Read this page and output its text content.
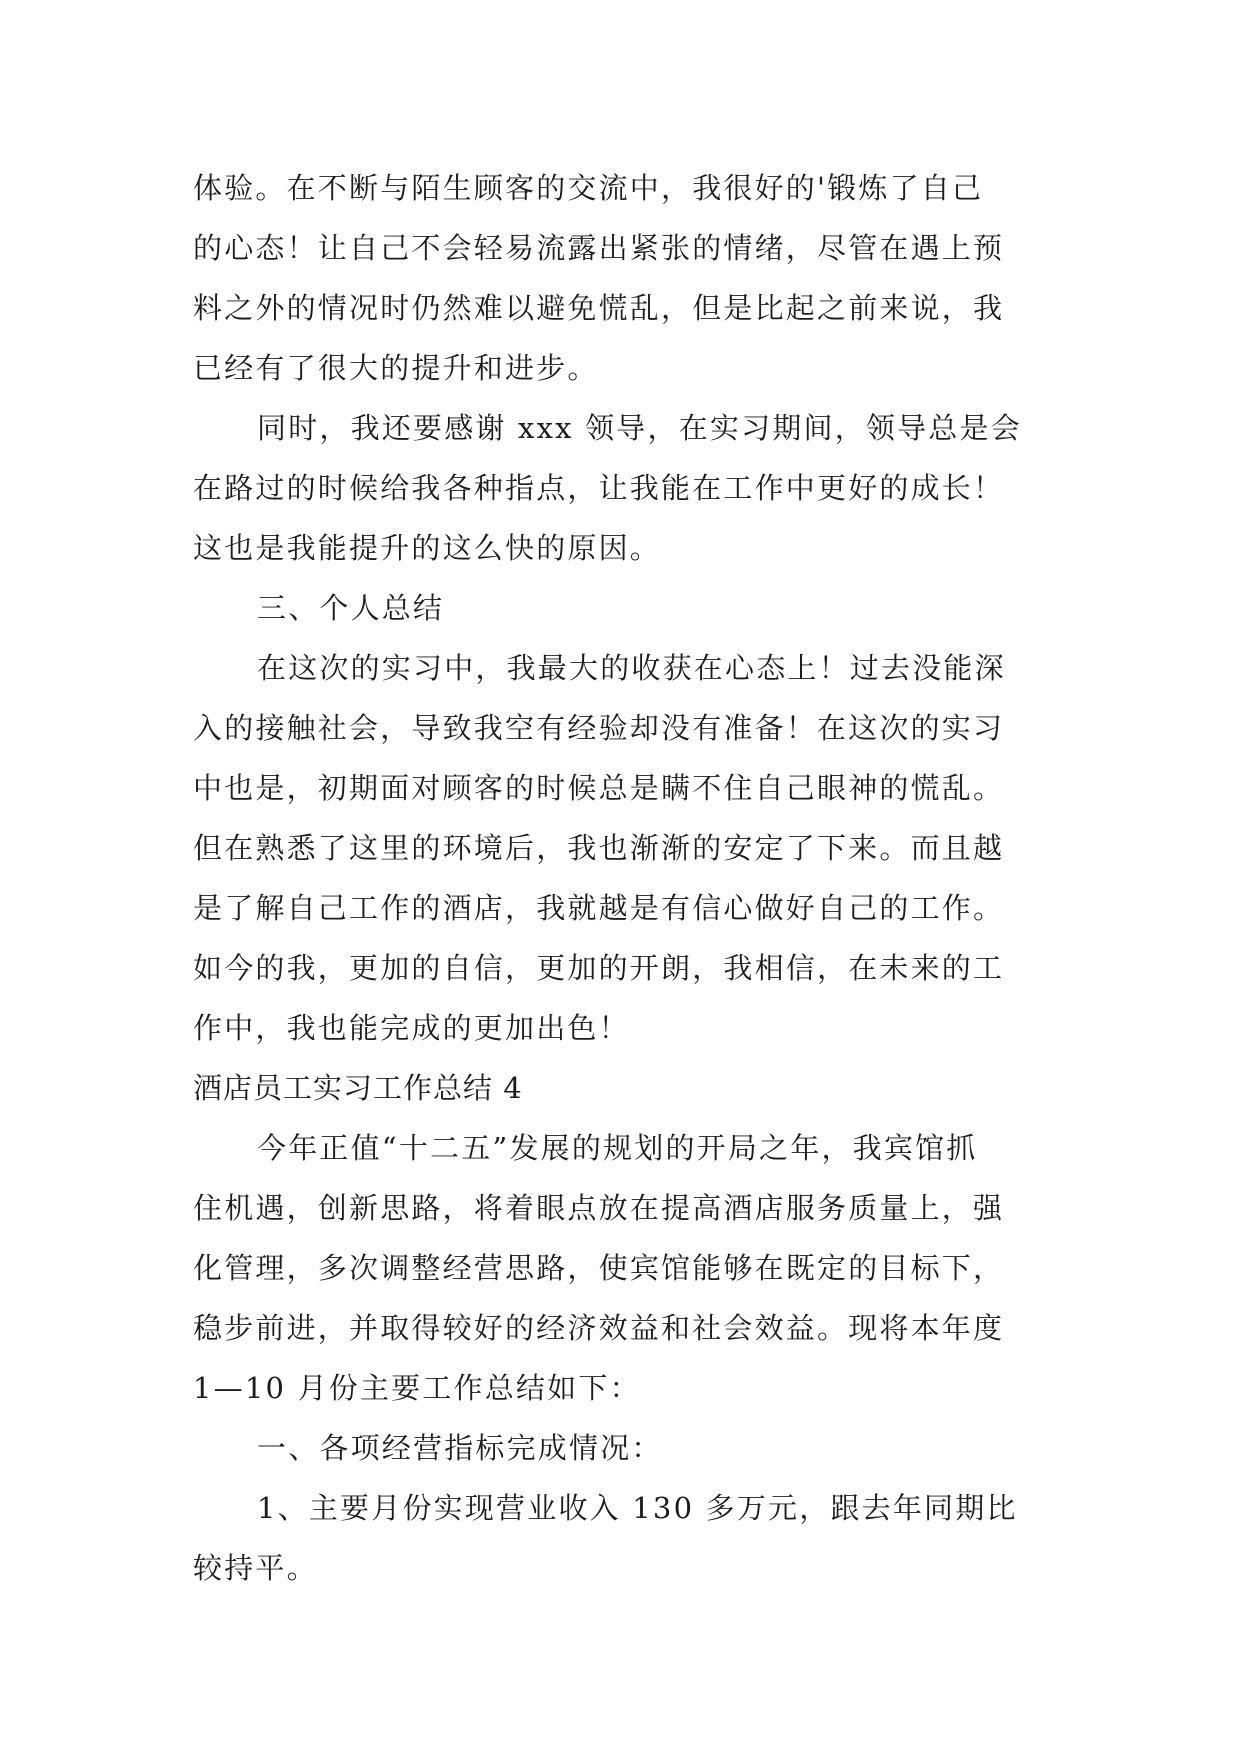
体验。在不断与陌生顾客的交流中，我很好的'锻炼了自己
的心态！让自己不会轻易流露出紧张的情绪，尽管在遇上预
料之外的情况时仍然难以避免慌乱，但是比起之前来说，我
已经有了很大的提升和进步。
同时，我还要感谢 xxx 领导，在实习期间，领导总是会
在路过的时候给我各种指点，让我能在工作中更好的成长！
这也是我能提升的这么快的原因。
三、个人总结
在这次的实习中，我最大的收获在心态上！过去没能深
入的接触社会，导致我空有经验却没有准备！在这次的实习
中也是，初期面对顾客的时候总是瞒不住自己眼神的慌乱。
但在熟悉了这里的环境后，我也渐渐的安定了下来。而且越
是了解自己工作的酒店，我就越是有信心做好自己的工作。
如今的我，更加的自信，更加的开朗，我相信，在未来的工
作中，我也能完成的更加出色！
酒店员工实习工作总结 4
今年正值“十二五”发展的规划的开局之年，我宾馆抓
住机遇，创新思路，将着眼点放在提高酒店服务质量上，强
化管理，多次调整经营思路，使宾馆能够在既定的目标下，
稳步前进，并取得较好的经济效益和社会效益。现将本年度
1—10 月份主要工作总结如下：
一、各项经营指标完成情况：
1、主要月份实现营业收入 130 多万元，跟去年同期比
较持平。
